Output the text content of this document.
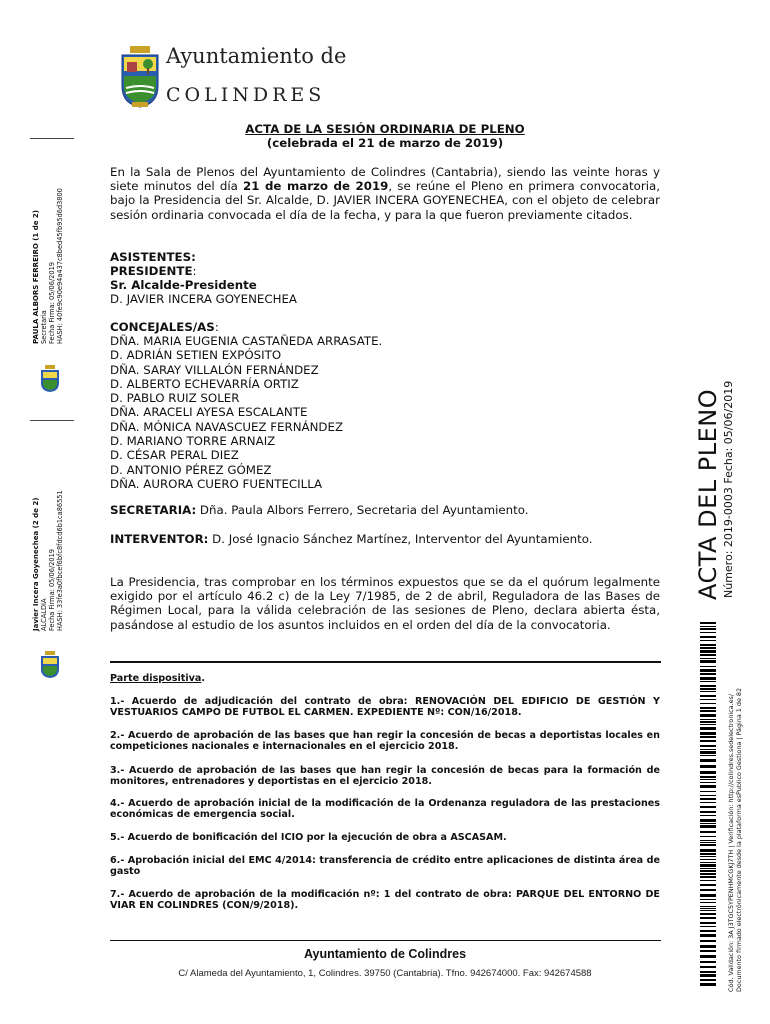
Ayuntamiento de
COLINDRES
PAULA ALBORS FERREIRO (1 de 2)
Secretaria
Fecha Firma: 05/06/2019
HASH: 40fe9c90e94a437c8bed45fb95d6d3800
Javier Incera Goyenechea (2 de 2)
ALCALDIA
Fecha Firma: 05/06/2019
HASH: 33fe3a0fbcef6bfc8fdcd6b1ca86551	ACTA DEL PLENO Número: 2019-0003 Fecha: 05/06/2019
Cód. Validación: 3A J3TGC5YPENHMCGKJ7TH | Verificación: http://colindres.sedelectronica.es/
Documento firmado electrónicamente desde la plataforma esPublico Gestiona | Página 1 de 82
ACTA DE LA SESIÓN ORDINARIA DE PLENO
(celebrada el 21 de marzo de 2019)
En la Sala de Plenos del Ayuntamiento de Colindres (Cantabria), siendo las veinte horas y siete minutos del día 21 de marzo de 2019, se reúne el Pleno en primera convocatoria, bajo la Presidencia del Sr. Alcalde, D. JAVIER INCERA GOYENECHEA, con el objeto de celebrar sesión ordinaria convocada el día de la fecha, y para la que fueron previamente citados.
ASISTENTES:
PRESIDENTE:
Sr. Alcalde-Presidente
D. JAVIER INCERA GOYENECHEA
CONCEJALES/AS:
DÑA. MARIA EUGENIA CASTAÑEDA ARRASATE.
D. ADRIÁN SETIEN EXPÓSITO
DÑA. SARAY VILLALÓN FERNÁNDEZ
D. ALBERTO ECHEVARRÍA ORTIZ
D. PABLO RUIZ SOLER
DÑA. ARACELI AYESA ESCALANTE
DÑA. MÓNICA NAVASCUEZ FERNÁNDEZ
D. MARIANO TORRE ARNAIZ
D. CÉSAR PERAL DIEZ
D. ANTONIO PÉREZ GÓMEZ
DÑA. AURORA CUERO FUENTECILLA
SECRETARIA: Dña. Paula Albors Ferrero, Secretaria del Ayuntamiento.
INTERVENTOR: D. José Ignacio Sánchez Martínez, Interventor del Ayuntamiento.
La Presidencia, tras comprobar en los términos expuestos que se da el quórum legalmente exigido por el artículo 46.2 c) de la Ley 7/1985, de 2 de abril, Reguladora de las Bases de Régimen Local, para la válida celebración de las sesiones de Pleno, declara abierta ésta, pasándose al estudio de los asuntos incluidos en el orden del día de la convocatoria.
Parte dispositiva.
1.- Acuerdo de adjudicación del contrato de obra: RENOVACIÓN DEL EDIFICIO DE GESTIÓN Y VESTUARIOS CAMPO DE FUTBOL EL CARMEN. EXPEDIENTE Nº: CON/16/2018.
2.- Acuerdo de aprobación de las bases que han regir la concesión de becas a deportistas locales en competiciones nacionales e internacionales en el ejercicio 2018.
3.- Acuerdo de aprobación de las bases que han regir la concesión de becas para la formación de monitores, entrenadores y deportistas en el ejercicio 2018.
4.- Acuerdo de aprobación inicial de la modificación de la Ordenanza reguladora de las prestaciones económicas de emergencia social.
5.- Acuerdo de bonificación del ICIO por la ejecución de obra a ASCASAM.
6.- Aprobación inicial del EMC 4/2014: transferencia de crédito entre aplicaciones de distinta área de gasto
7.- Acuerdo de aprobación de la modificación nº: 1 del contrato de obra: PARQUE DEL ENTORNO DE VIAR EN COLINDRES (CON/9/2018).
Ayuntamiento de Colindres
C/ Alameda del Ayuntamiento, 1, Colindres. 39750 (Cantabria). Tfno. 942674000. Fax: 942674588
